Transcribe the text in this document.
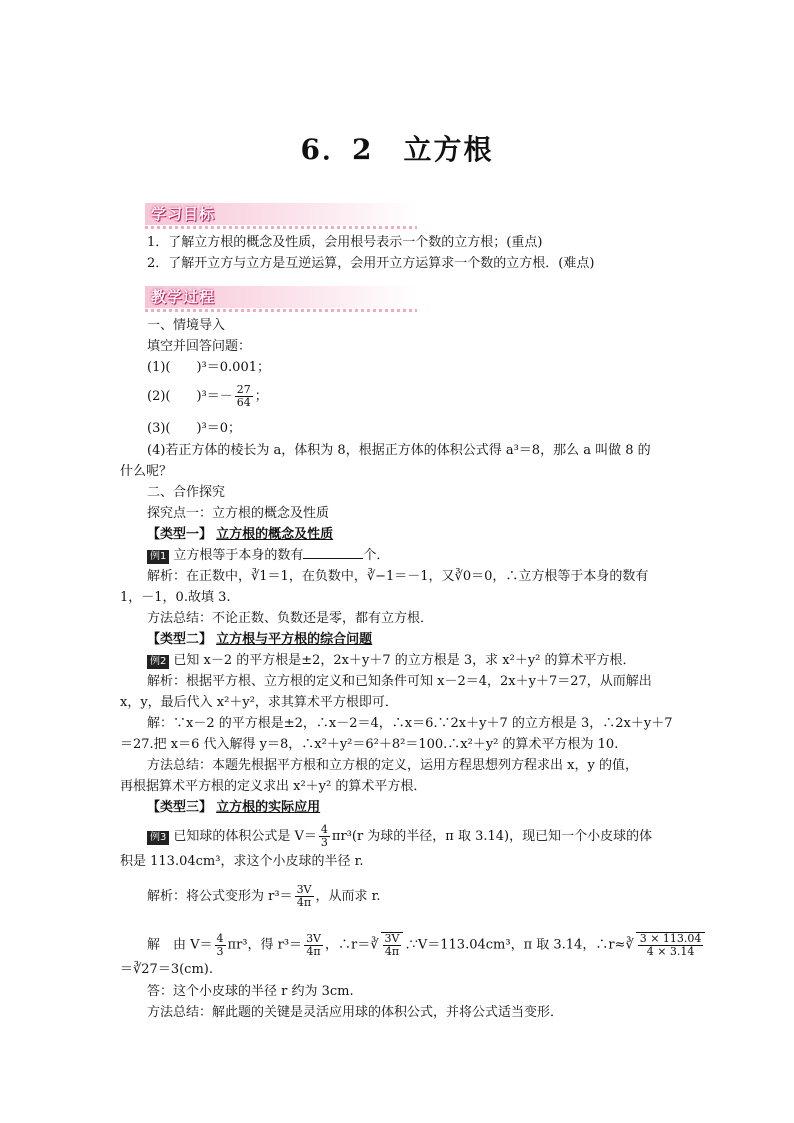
6．2　立方根
学习目标
1．了解立方根的概念及性质，会用根号表示一个数的立方根；(重点)
2．了解开立方与立方是互逆运算，会用开立方运算求一个数的立方根．(难点)
教学过程
一、情境导入
填空并回答问题：
(1)(　　)³＝0.001；
(2)(　　)$^3=- \frac{27}{64}$ ；
(3)(　　)³＝0；
(4)若正方体的棱长为 a，体积为 8，根据正方体的体积公式得 a³＝8，那么 a 叫做 8 的
什么呢？
二、合作探究
探究点一：立方根的概念及性质
【类型一】 立方根的概念及性质
例1 立方根等于本身的数有	个．
解析：在正数中，∛1＝1，在负数中，∛−1＝－1，又∛0＝0，∴立方根等于本身的数有
1，－1，0.故填 3.
方法总结：不论正数、负数还是零，都有立方根．
【类型二】 立方根与平方根的综合问题
例2 已知 x－2 的平方根是±2，2x＋y＋7 的立方根是 3，求 x²＋y² 的算术平方根．
解析：根据平方根、立方根的定义和已知条件可知 x－2＝4，2x＋y＋7＝27，从而解出
x，y，最后代入 x²＋y²，求其算术平方根即可．
解：∵x－2 的平方根是±2，∴x－2＝4，∴x＝6.∵2x＋y＋7 的立方根是 3，∴2x＋y＋7
＝27.把 x＝6 代入解得 y＝8，∴x²＋y²＝6²＋8²＝100.∴x²＋y² 的算术平方根为 10.
方法总结：本题先根据平方根和立方根的定义，运用方程思想列方程求出 x，y 的值，
再根据算术平方根的定义求出 x²＋y² 的算术平方根．
【类型三】 立方根的实际应用
例3 已知球的体积公式是 $V= \frac{4}{3} \pi r^3(r$ 为球的半径，π 取 3.14)，现已知一个小皮球的体
积是 113.04cm³，求这个小皮球的半径 r.
解析：将公式变形为 $r^3= \frac{3V}{4\pi}$ ，从而求 r.
解　由 $V= \frac{4}{3} \pi r^3$，得 $r^3= \frac{3V}{4\pi}$ ，∴r＝∛ $\frac{3V}{4\pi}$ .∵V＝113.04cm³，π 取 3.14，∴r≈∛ $\frac{3 \times 113.04}{4 \times 3.14}$
＝∛27＝3(cm).
答：这个小皮球的半径 r 约为 3cm.
方法总结：解此题的关键是灵活应用球的体积公式，并将公式适当变形．
